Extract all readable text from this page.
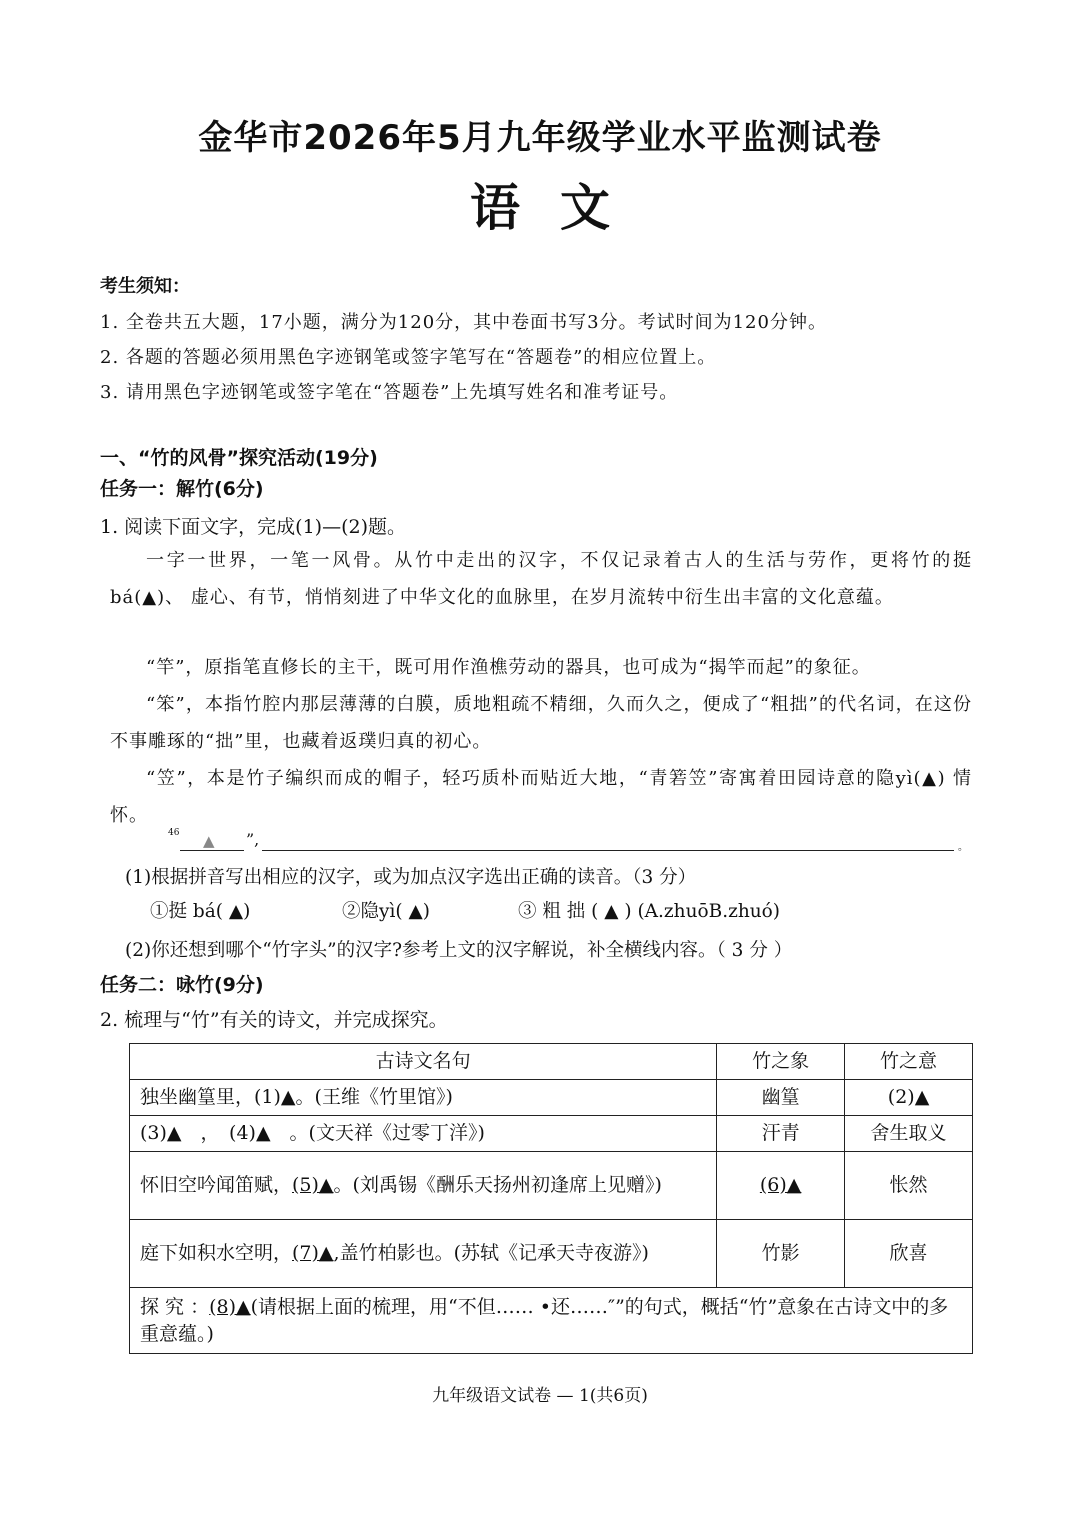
金华市2026年5月九年级学业水平监测试卷
语文
考生须知：
1. 全卷共五大题，17小题，满分为120分，其中卷面书写3分。考试时间为120分钟。
2. 各题的答题必须用黑色字迹钢笔或签字笔写在“答题卷”的相应位置上。
3. 请用黑色字迹钢笔或签字笔在“答题卷”上先填写姓名和准考证号。
一、“竹的风骨”探究活动(19分)
任务一：解竹(6分)
1. 阅读下面文字，完成(1)—(2)题。
一字一世界，一笔一风骨。从竹中走出的汉字，不仅记录着古人的生活与劳作，更将竹的挺 bá(▲)、 虚心、有节，悄悄刻进了中华文化的血脉里，在岁月流转中衍生出丰富的文化意蕴。
“竿”，原指笔直修长的主干，既可用作渔樵劳动的器具，也可成为“揭竿而起”的象征。
“笨”，本指竹腔内那层薄薄的白膜，质地粗疏不精细，久而久之，便成了“粗拙”的代名词，在这份不事雕琢的“拙”里，也藏着返璞归真的初心。
“笠”，本是竹子编织而成的帽子，轻巧质朴而贴近大地，“青箬笠”寄寓着田园诗意的隐yì(▲) 情怀。
46 ▲ ”,	。
(1)根据拼音写出相应的汉字，或为加点汉字选出正确的读音。（3 分）
①挺 bá( ▲)	②隐yì( ▲)	③ 粗 拙 ( ▲ ) (A.zhuōB.zhuó)
(2)你还想到哪个“竹字头”的汉字?参考上文的汉字解说，补全横线内容。（ 3 分 ）
任务二：咏竹(9分)
2. 梳理与“竹”有关的诗文，并完成探究。
古诗文名句	竹之象	竹之意
独坐幽篁里，(1)▲。(王维《竹里馆》)	幽篁	(2)▲
(3)▲　，　(4)▲　。(文天祥《过零丁洋》)	汗青	舍生取义
怀旧空吟闻笛赋，(5)▲。(刘禹锡《酬乐天扬州初逢席上见赠》)	(6)▲	怅然
庭下如积水空明，(7)▲,盖竹柏影也。(苏轼《记承天寺夜游》)	竹影	欣喜
探 究 ：(8)▲(请根据上面的梳理，用“不但…… •还……″”的句式，概括“竹”意象在古诗文中的多重意蕴。)		
九年级语文试卷 — 1(共6页)
